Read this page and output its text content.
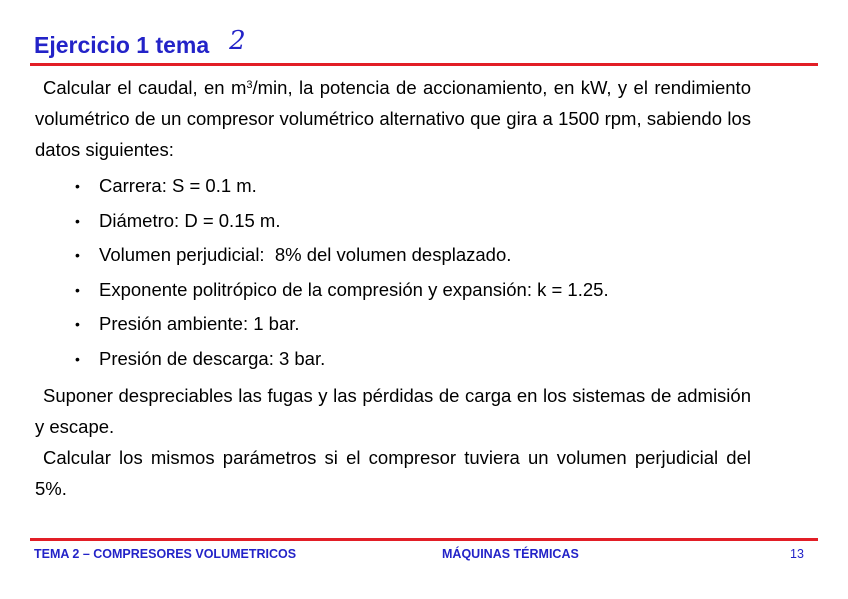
Ejercicio 1 tema 2

Calcular el caudal, en $m^3/\min$, la potencia de accionamiento, en kW, y el rendimiento volumétrico de un compresor volumétrico alternativo que gira a 1500 rpm, sabiendo los datos siguientes:

• Carrera: S = 0.1 m.
• Diámetro: D = 0.15 m.
• Volumen perjudicial:  8% del volumen desplazado.
• Exponente politrópico de la compresión y expansión: k = 1.25.
• Presión ambiente: 1 bar.
• Presión de descarga: 3 bar.

Suponer despreciables las fugas y las pérdidas de carga en los sistemas de admisión y escape.

Calcular los mismos parámetros si el compresor tuviera un volumen perjudicial del 5%.

TEMA 2 – COMPRESORES VOLUMETRICOS	MÁQUINAS TÉRMICAS	13
